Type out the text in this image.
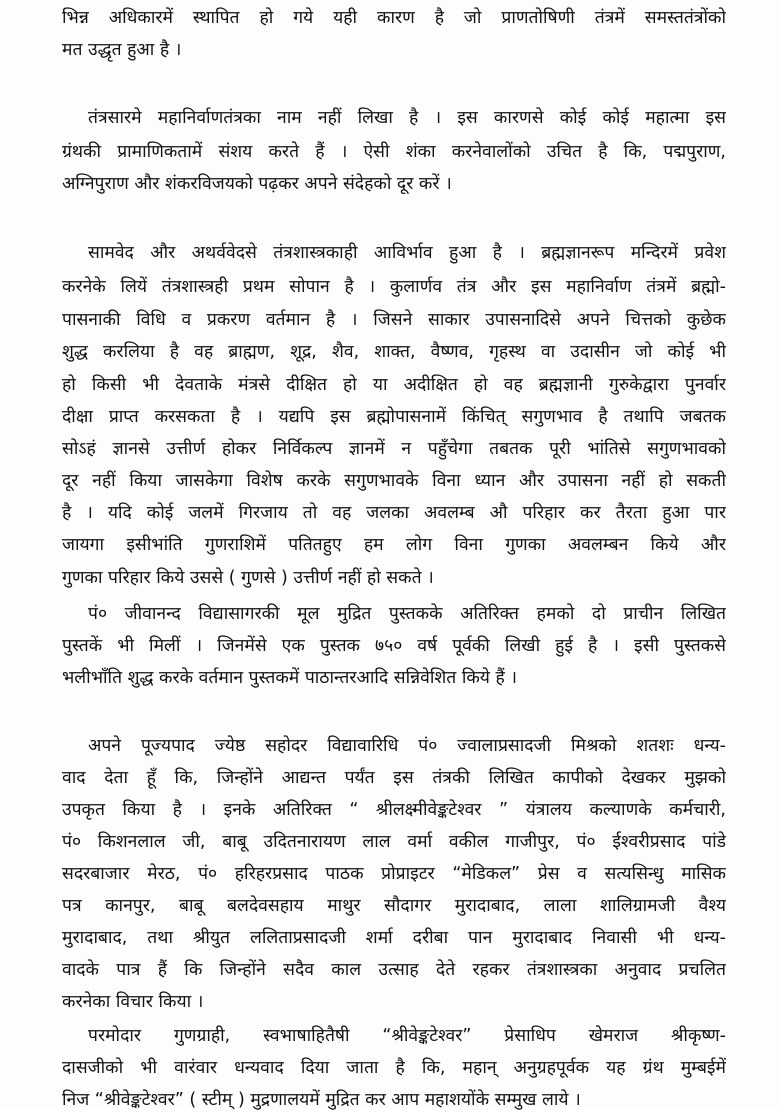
भिन्न अधिकारमें स्थापित हो गये यही कारण है जो प्राणतोषिणी तंत्रमें समस्ततंत्रोंको
मत उद्धृत हुआ है ।
तंत्रसारमे महानिर्वाणतंत्रका नाम नहीं लिखा है । इस कारणसे कोई कोई महात्मा इस
ग्रंथकी प्रामाणिकतामें संशय करते हैं । ऐसी शंका करनेवालोंको उचित है कि, पद्मपुराण,
अग्निपुराण और शंकरविजयको पढ़कर अपने संदेहको दूर करें ।
सामवेद और अथर्ववेदसे तंत्रशास्त्रकाही आविर्भाव हुआ है । ब्रह्मज्ञानरूप मन्दिरमें प्रवेश
करनेके लियें तंत्रशास्त्रही प्रथम सोपान है । कुलार्णव तंत्र और इस महानिर्वाण तंत्रमें ब्रह्मो-
पासनाकी विधि व प्रकरण वर्तमान है । जिसने साकार उपासनादिसे अपने चित्तको कुछेक
शुद्ध करलिया है वह ब्राह्मण, शूद्र, शैव, शाक्त, वैष्णव, गृहस्थ वा उदासीन जो कोई भी
हो किसी भी देवताके मंत्रसे दीक्षित हो या अदीक्षित हो वह ब्रह्मज्ञानी गुरुकेद्वारा पुनर्वार
दीक्षा प्राप्त करसकता है । यद्यपि इस ब्रह्मोपासनामें किंचित् सगुणभाव है तथापि जबतक
सोऽहं ज्ञानसे उत्तीर्ण होकर निर्विकल्प ज्ञानमें न पहुँचेगा तबतक पूरी भांतिसे सगुणभावको
दूर नहीं किया जासकेगा विशेष करके सगुणभावके विना ध्यान और उपासना नहीं हो सकती
है । यदि कोई जलमें गिरजाय तो वह जलका अवलम्ब औ परिहार कर तैरता हुआ पार
जायगा इसीभांति गुणराशिमें पतितहुए हम लोग विना गुणका अवलम्बन किये और
गुणका परिहार किये उससे ( गुणसे ) उत्तीर्ण नहीं हो सकते ।
पं० जीवानन्द विद्यासागरकी मूल मुद्रित पुस्तकके अतिरिक्त हमको दो प्राचीन लिखित
पुस्तकें भी मिलीं । जिनमेंसे एक पुस्तक ७५० वर्ष पूर्वकी लिखी हुई है । इसी पुस्तकसे
भलीभाँति शुद्ध करके वर्तमान पुस्तकमें पाठान्तरआदि सन्निवेशित किये हैं ।
अपने पूज्यपाद ज्येष्ठ सहोदर विद्यावारिधि पं० ज्वालाप्रसादजी मिश्रको शतशः धन्य-
वाद देता हूँ कि, जिन्होंने आद्यन्त पर्यंत इस तंत्रकी लिखित कापीको देखकर मुझको
उपकृत किया है । इनके अतिरिक्त “ श्रीलक्ष्मीवेङ्कटेश्वर ” यंत्रालय कल्याणके कर्मचारी,
पं० किशनलाल जी, बाबू उदितनारायण लाल वर्मा वकील गाजीपुर, पं० ईश्वरीप्रसाद पांडे
सदरबाजार मेरठ, पं० हरिहरप्रसाद पाठक प्रोप्राइटर “मेडिकल” प्रेस व सत्यसिन्धु मासिक
पत्र कानपुर, बाबू बलदेवसहाय माथुर सौदागर मुरादाबाद, लाला शालिग्रामजी वैश्य
मुरादाबाद, तथा श्रीयुत ललिताप्रसादजी शर्मा दरीबा पान मुरादाबाद निवासी भी धन्य-
वादके पात्र हैं कि जिन्होंने सदैव काल उत्साह देते रहकर तंत्रशास्त्रका अनुवाद प्रचलित
करनेका विचार किया ।
परमोदार गुणग्राही, स्वभाषाहितैषी “श्रीवेङ्कटेश्वर” प्रेसाधिप खेमराज श्रीकृष्ण-
दासजीको भी वारंवार धन्यवाद दिया जाता है कि, महान् अनुग्रहपूर्वक यह ग्रंथ मुम्बईमें
निज “श्रीवेङ्कटेश्वर” ( स्टीम् ) मुद्रणालयमें मुद्रित कर आप महाशयोंके सम्मुख लाये ।
